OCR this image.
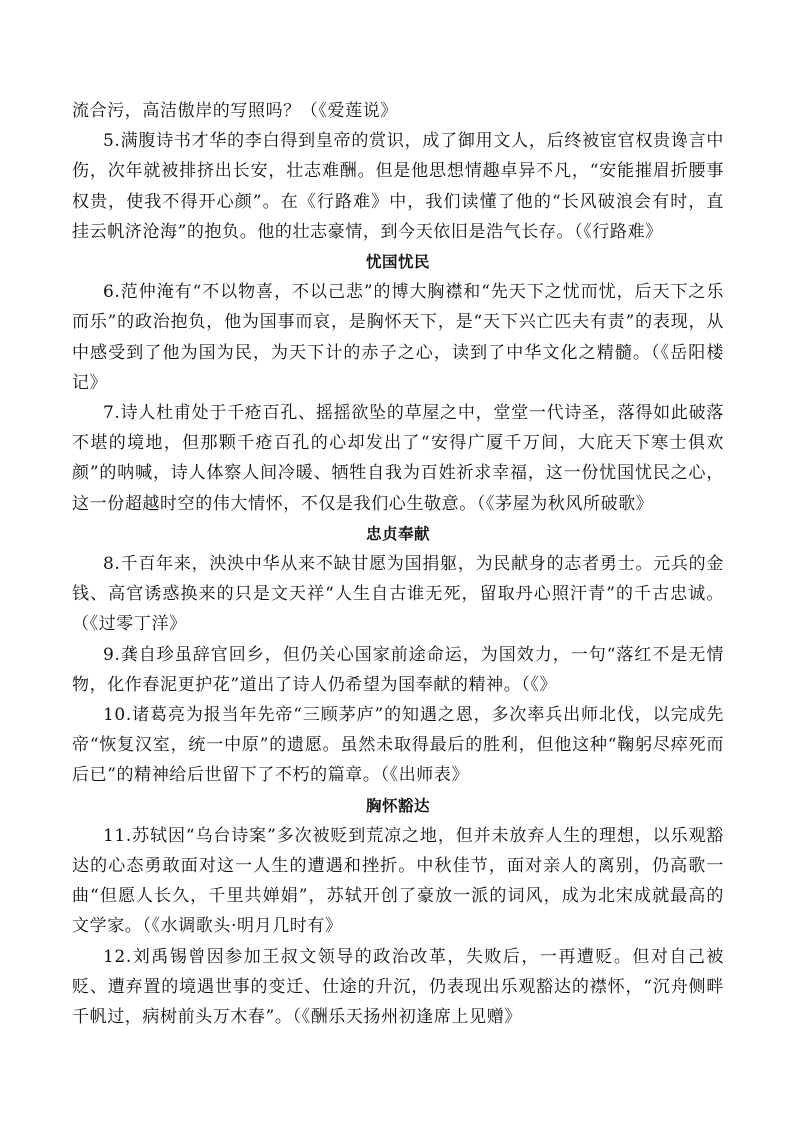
流合污，高洁傲岸的写照吗？（《爱莲说》

5.满腹诗书才华的李白得到皇帝的赏识，成了御用文人，后终被宦官权贵谗言中伤，次年就被排挤出长安，壮志难酬。但是他思想情趣卓异不凡，“安能摧眉折腰事权贵，使我不得开心颜”。在《行路难》中，我们读懂了他的“长风破浪会有时，直挂云帆济沧海”的抱负。他的壮志豪情，到今天依旧是浩气长存。（《行路难》

忧国忧民

6.范仲淹有“不以物喜，不以己悲”的博大胸襟和“先天下之忧而忧，后天下之乐而乐”的政治抱负，他为国事而哀，是胸怀天下，是“天下兴亡匹夫有责”的表现，从中感受到了他为国为民，为天下计的赤子之心，读到了中华文化之精髓。（《岳阳楼记》

7.诗人杜甫处于千疮百孔、摇摇欲坠的草屋之中，堂堂一代诗圣，落得如此破落不堪的境地，但那颗千疮百孔的心却发出了“安得广厦千万间，大庇天下寒士俱欢颜”的呐喊，诗人体察人间冷暖、牺牲自我为百姓祈求幸福，这一份忧国忧民之心，这一份超越时空的伟大情怀，不仅是我们心生敬意。（《茅屋为秋风所破歌》

忠贞奉献

8.千百年来，泱泱中华从来不缺甘愿为国捐躯，为民献身的志者勇士。元兵的金钱、高官诱惑换来的只是文天祥“人生自古谁无死，留取丹心照汗青”的千古忠诚。（《过零丁洋》

9.龚自珍虽辞官回乡，但仍关心国家前途命运，为国效力，一句“落红不是无情物，化作春泥更护花”道出了诗人仍希望为国奉献的精神。（《》

10.诸葛亮为报当年先帝“三顾茅庐”的知遇之恩，多次率兵出师北伐，以完成先帝“恢复汉室，统一中原”的遗愿。虽然未取得最后的胜利，但他这种“鞠躬尽瘁死而后已”的精神给后世留下了不朽的篇章。（《出师表》

胸怀豁达

11.苏轼因“乌台诗案”多次被贬到荒凉之地，但并未放弃人生的理想，以乐观豁达的心态勇敢面对这一人生的遭遇和挫折。中秋佳节，面对亲人的离别，仍高歌一曲“但愿人长久，千里共婵娟”，苏轼开创了豪放一派的词风，成为北宋成就最高的文学家。（《水调歌头·明月几时有》

12.刘禹锡曾因参加王叔文领导的政治改革，失败后，一再遭贬。但对自己被贬、遭弃置的境遇世事的变迁、仕途的升沉，仍表现出乐观豁达的襟怀，“沉舟侧畔千帆过，病树前头万木春”。（《酬乐天扬州初逢席上见赠》
